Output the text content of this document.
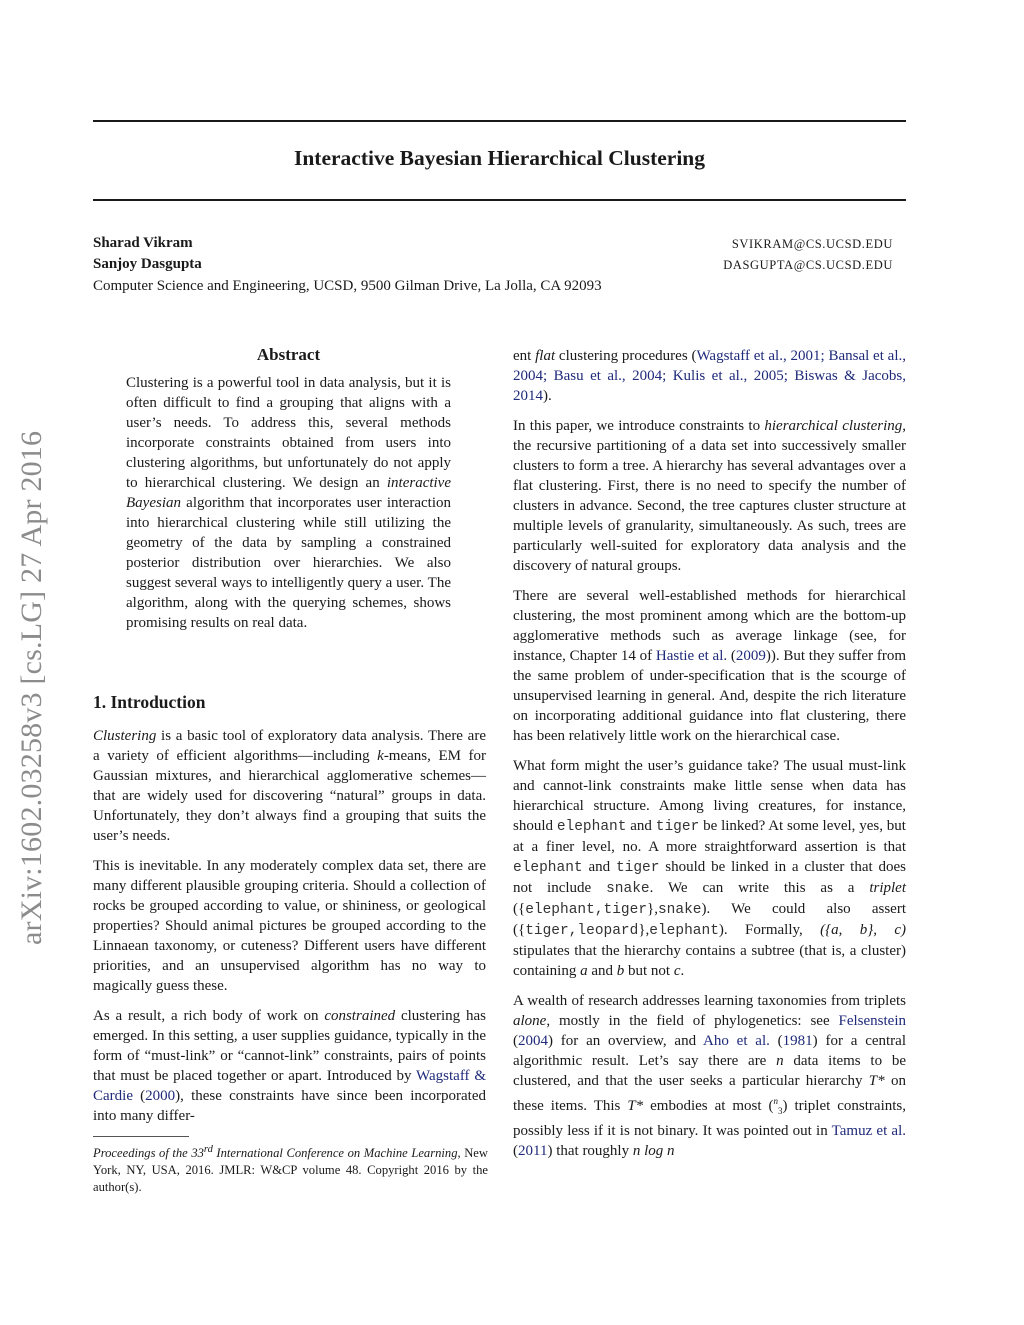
Interactive Bayesian Hierarchical Clustering
Sharad Vikram	SVIKRAM@CS.UCSD.EDU
Sanjoy Dasgupta	DASGUPTA@CS.UCSD.EDU
Computer Science and Engineering, UCSD, 9500 Gilman Drive, La Jolla, CA 92093
arXiv:1602.03258v3 [cs.LG] 27 Apr 2016
Abstract

Clustering is a powerful tool in data analysis, but it is often difficult to find a grouping that aligns with a user’s needs. To address this, several methods incorporate constraints obtained from users into clustering algorithms, but unfortunately do not apply to hierarchical clustering. We design an interactive Bayesian algorithm that incorporates user interaction into hierarchical clustering while still utilizing the geometry of the data by sampling a constrained posterior distribution over hierarchies. We also suggest several ways to intelligently query a user. The algorithm, along with the querying schemes, shows promising results on real data.

1. Introduction

Clustering is a basic tool of exploratory data analysis. There are a variety of efficient algorithms—including k-means, EM for Gaussian mixtures, and hierarchical agglomerative schemes—that are widely used for discovering “natural” groups in data. Unfortunately, they don’t always find a grouping that suits the user’s needs.

This is inevitable. In any moderately complex data set, there are many different plausible grouping criteria. Should a collection of rocks be grouped according to value, or shininess, or geological properties? Should animal pictures be grouped according to the Linnaean taxonomy, or cuteness? Different users have different priorities, and an unsupervised algorithm has no way to magically guess these.

As a result, a rich body of work on constrained clustering has emerged. In this setting, a user supplies guidance, typically in the form of “must-link” or “cannot-link” constraints, pairs of points that must be placed together or apart. Introduced by Wagstaff & Cardie (2000), these constraints have since been incorporated into many differ-

Proceedings of the 33rd International Conference on Machine Learning, New York, NY, USA, 2016. JMLR: W&CP volume 48. Copyright 2016 by the author(s).

ent flat clustering procedures (Wagstaff et al., 2001; Bansal et al., 2004; Basu et al., 2004; Kulis et al., 2005; Biswas & Jacobs, 2014).

In this paper, we introduce constraints to hierarchical clustering, the recursive partitioning of a data set into successively smaller clusters to form a tree. A hierarchy has several advantages over a flat clustering. First, there is no need to specify the number of clusters in advance. Second, the tree captures cluster structure at multiple levels of granularity, simultaneously. As such, trees are particularly well-suited for exploratory data analysis and the discovery of natural groups.

There are several well-established methods for hierarchical clustering, the most prominent among which are the bottom-up agglomerative methods such as average linkage (see, for instance, Chapter 14 of Hastie et al. (2009)). But they suffer from the same problem of under-specification that is the scourge of unsupervised learning in general. And, despite the rich literature on incorporating additional guidance into flat clustering, there has been relatively little work on the hierarchical case.

What form might the user’s guidance take? The usual must-link and cannot-link constraints make little sense when data has hierarchical structure. Among living creatures, for instance, should elephant and tiger be linked? At some level, yes, but at a finer level, no. A more straightforward assertion is that elephant and tiger should be linked in a cluster that does not include snake. We can write this as a triplet ({elephant,tiger},snake). We could also assert ({tiger,leopard},elephant). Formally, ({a, b}, c) stipulates that the hierarchy contains a subtree (that is, a cluster) containing a and b but not c.

A wealth of research addresses learning taxonomies from triplets alone, mostly in the field of phylogenetics: see Felsenstein (2004) for an overview, and Aho et al. (1981) for a central algorithmic result. Let’s say there are n data items to be clustered, and that the user seeks a particular hierarchy T* on these items. This T* embodies at most ($^n_3$) triplet constraints, possibly less if it is not binary. It was pointed out in Tamuz et al. (2011) that roughly n log n
